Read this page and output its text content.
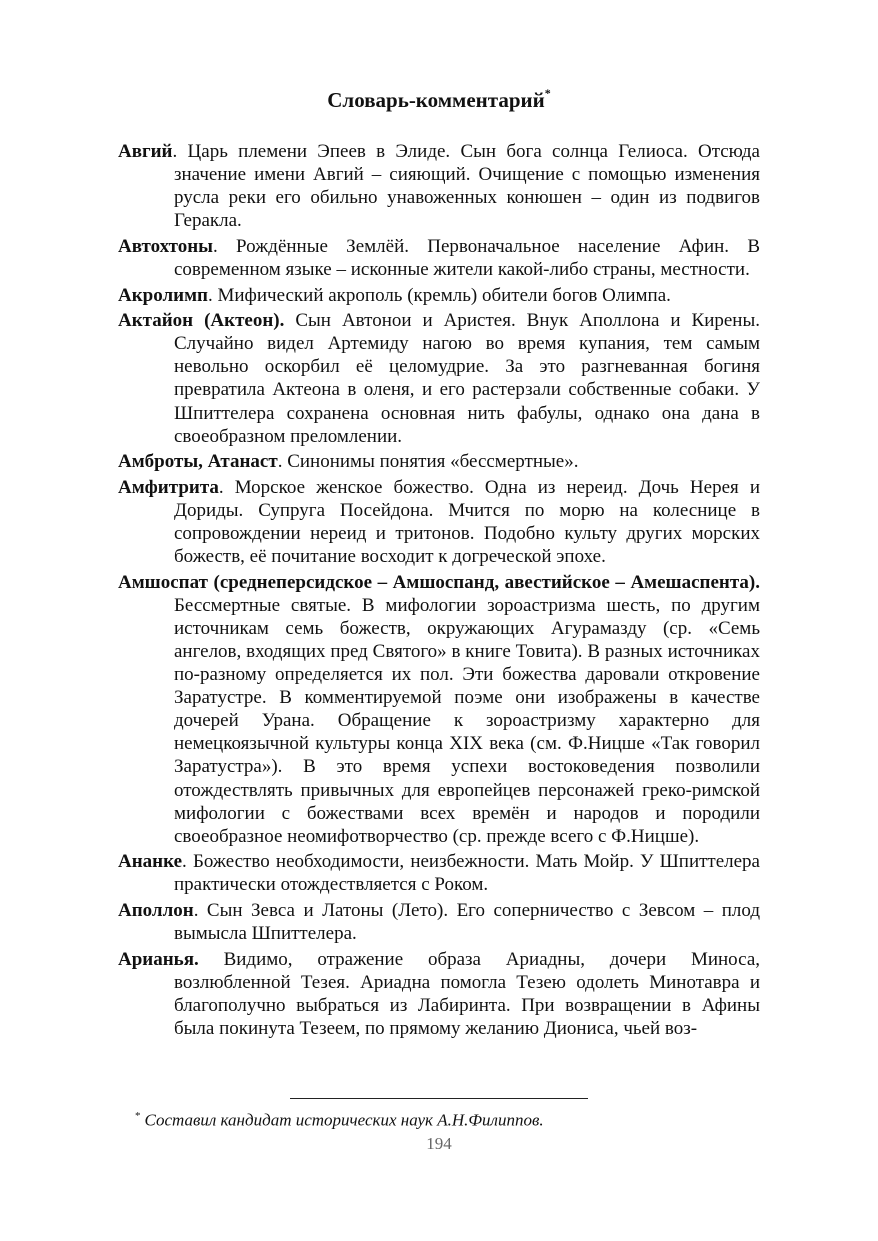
Словарь-комментарий*

Авгий. Царь племени Эпеев в Элиде. Сын бога солнца Гелиоса. Отсюда значение имени Авгий – сияющий. Очищение с помощью изменения русла реки его обильно унавоженных конюшен – один из подвигов Геракла.

Автохтоны. Рождённые Землёй. Первоначальное население Афин. В современном языке – исконные жители какой-либо страны, местности.

Акролимп. Мифический акрополь (кремль) обители богов Олимпа.

Актайон (Актеон). Сын Автонои и Аристея. Внук Аполлона и Кирены. Случайно видел Артемиду нагою во время купания, тем самым невольно оскорбил её целомудрие. За это разгневанная богиня превратила Актеона в оленя, и его растерзали собственные собаки. У Шпиттелера сохранена основная нить фабулы, однако она дана в своеобразном преломлении.

Амброты, Атанаст. Синонимы понятия «бессмертные».

Амфитрита. Морское женское божество. Одна из нереид. Дочь Нерея и Дориды. Супруга Посейдона. Мчится по морю на колеснице в сопровождении нереид и тритонов. Подобно культу других морских божеств, её почитание восходит к догреческой эпохе.

Амшоспат (среднеперсидское – Амшоспанд, авестийское – Амешаспента). Бессмертные святые. В мифологии зороастризма шесть, по другим источникам семь божеств, окружающих Агурамазду (ср. «Семь ангелов, входящих пред Святого» в книге Товита). В разных источниках по-разному определяется их пол. Эти божества даровали откровение Заратустре. В комментируемой поэме они изображены в качестве дочерей Урана. Обращение к зороастризму характерно для немецкоязычной культуры конца XIX века (см. Ф.Ницше «Так говорил Заратустра»). В это время успехи востоковедения позволили отождествлять привычных для европейцев персонажей греко-римской мифологии с божествами всех времён и народов и породили своеобразное неомифотворчество (ср. прежде всего с Ф.Ницше).

Ананке. Божество необходимости, неизбежности. Мать Мойр. У Шпиттелера практически отождествляется с Роком.

Аполлон. Сын Зевса и Латоны (Лето). Его соперничество с Зевсом – плод вымысла Шпиттелера.

Арианья. Видимо, отражение образа Ариадны, дочери Миноса, возлюбленной Тезея. Ариадна помогла Тезею одолеть Минотавра и благополучно выбраться из Лабиринта. При возвращении в Афины была покинута Тезеем, по прямому желанию Диониса, чьей воз-

* Составил кандидат исторических наук А.Н.Филиппов.
194
